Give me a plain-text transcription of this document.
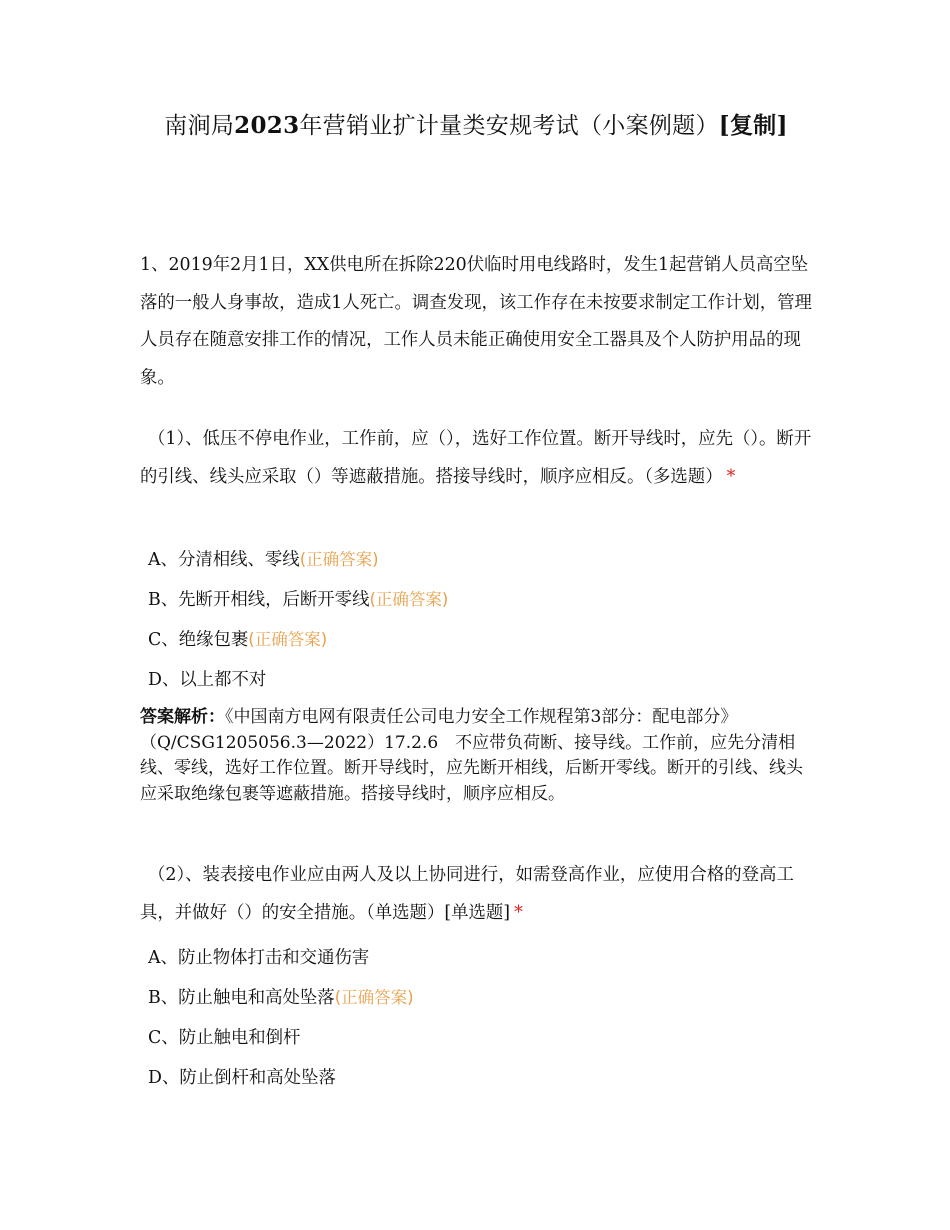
南涧局2023年营销业扩计量类安规考试（小案例题）[复制]
1、2019年2月1日，XX供电所在拆除220伏临时用电线路时，发生1起营销人员高空坠落的一般人身事故，造成1人死亡。调查发现，该工作存在未按要求制定工作计划，管理人员存在随意安排工作的情况，工作人员未能正确使用安全工器具及个人防护用品的现象。
（1）、低压不停电作业，工作前，应（），选好工作位置。断开导线时，应先（）。断开的引线、线头应采取（）等遮蔽措施。搭接导线时，顺序应相反。（多选题） *
A、分清相线、零线(正确答案)
B、先断开相线，后断开零线(正确答案)
C、绝缘包裹(正确答案)
D、以上都不对
答案解析：《中国南方电网有限责任公司电力安全工作规程第3部分：配电部分》（Q/CSG1205056.3—2022）17.2.6　不应带负荷断、接导线。工作前，应先分清相线、零线，选好工作位置。断开导线时，应先断开相线，后断开零线。断开的引线、线头应采取绝缘包裹等遮蔽措施。搭接导线时，顺序应相反。
（2）、装表接电作业应由两人及以上协同进行，如需登高作业，应使用合格的登高工具，并做好（）的安全措施。（单选题）[单选题] *
A、防止物体打击和交通伤害
B、防止触电和高处坠落(正确答案)
C、防止触电和倒杆
D、防止倒杆和高处坠落
